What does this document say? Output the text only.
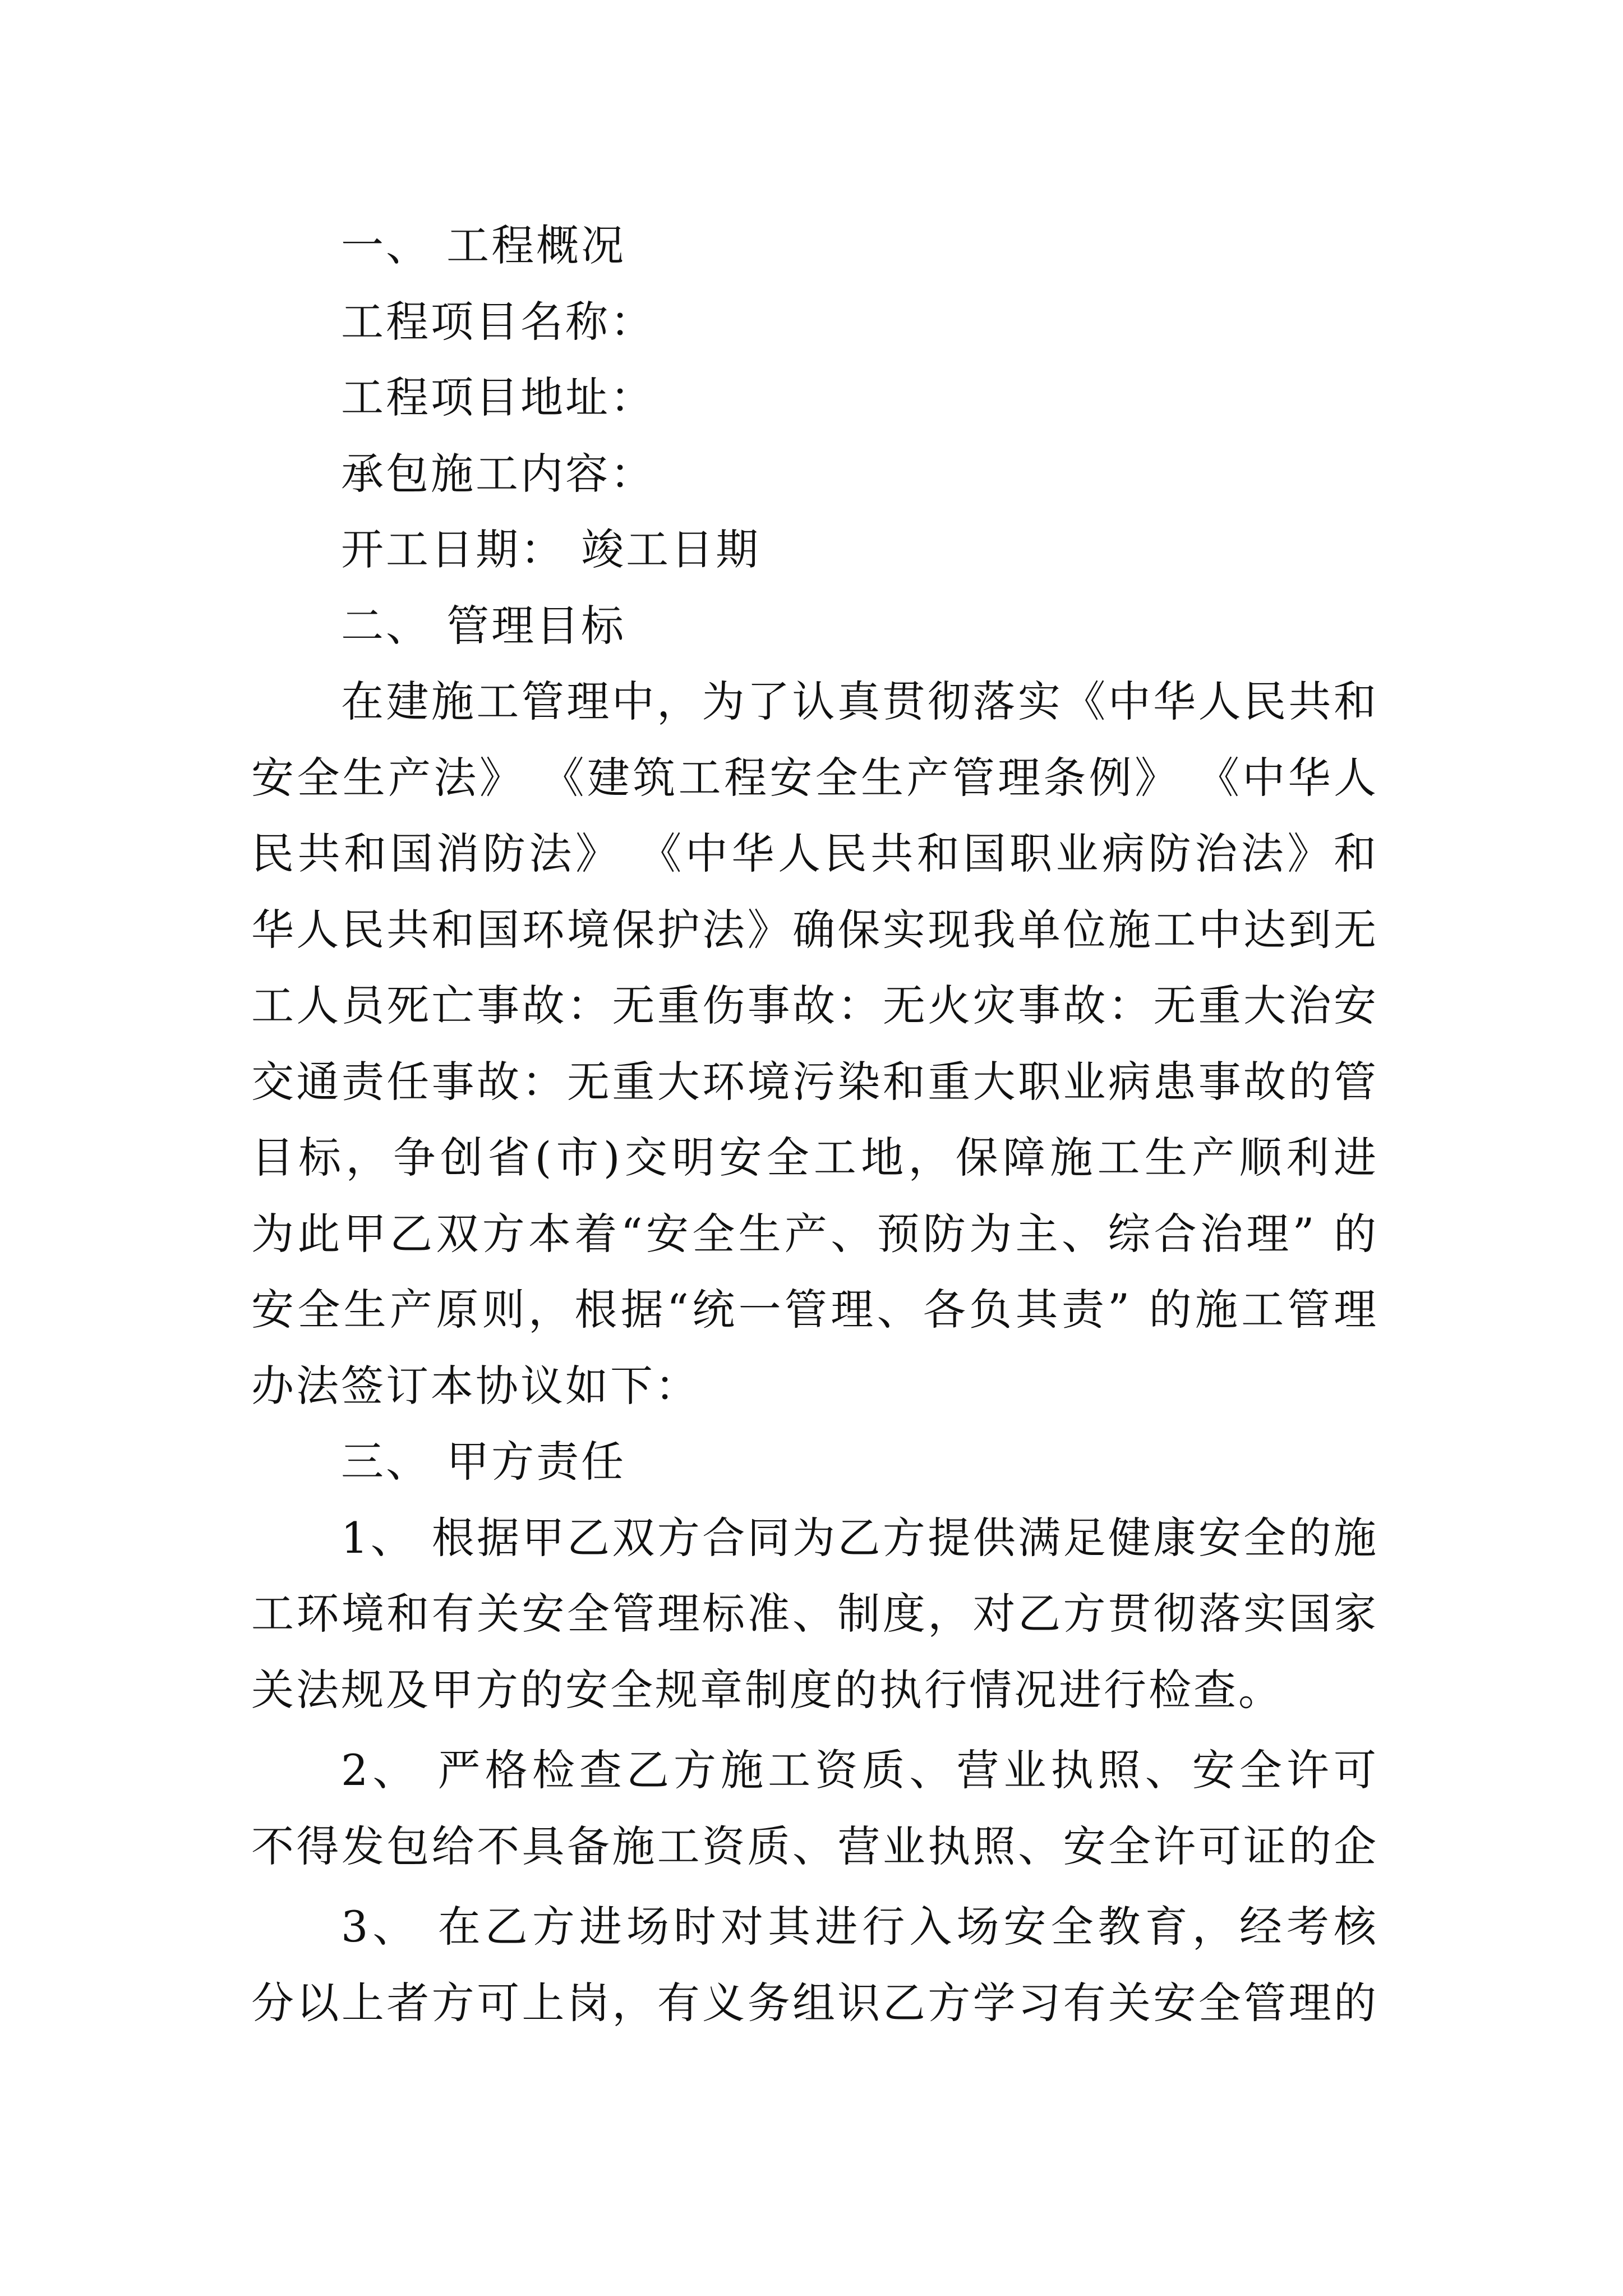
一、 工程概况
工程项目名称：
工程项目地址：
承包施工内容：
开工日期： 竣工日期
二、 管理目标
在建施工管理中，为了认真贯彻落实《中华人民共和
安全生产法》 《建筑工程安全生产管理条例》 《中华人
民共和国消防法》 《中华人民共和国职业病防治法》和
华人民共和国环境保护法》确保实现我单位施工中达到无
工人员死亡事故：无重伤事故：无火灾事故：无重大治安
交通责任事故：无重大环境污染和重大职业病患事故的管
目标，争创省(市)交明安全工地，保障施工生产顺利进
为此甲乙双方本着“安全生产、预防为主、综合治理” 的
安全生产原则，根据“统一管理、各负其责” 的施工管理
办法签订本协议如下：
三、 甲方责任
1、 根据甲乙双方合同为乙方提供满足健康安全的施
工环境和有关安全管理标准、制度，对乙方贯彻落实国家
关法规及甲方的安全规章制度的执行情况进行检查。
2、 严格检查乙方施工资质、营业执照、安全许可
不得发包给不具备施工资质、营业执照、安全许可证的企
3、 在乙方进场时对其进行入场安全教育，经考核
分以上者方可上岗，有义务组识乙方学习有关安全管理的
